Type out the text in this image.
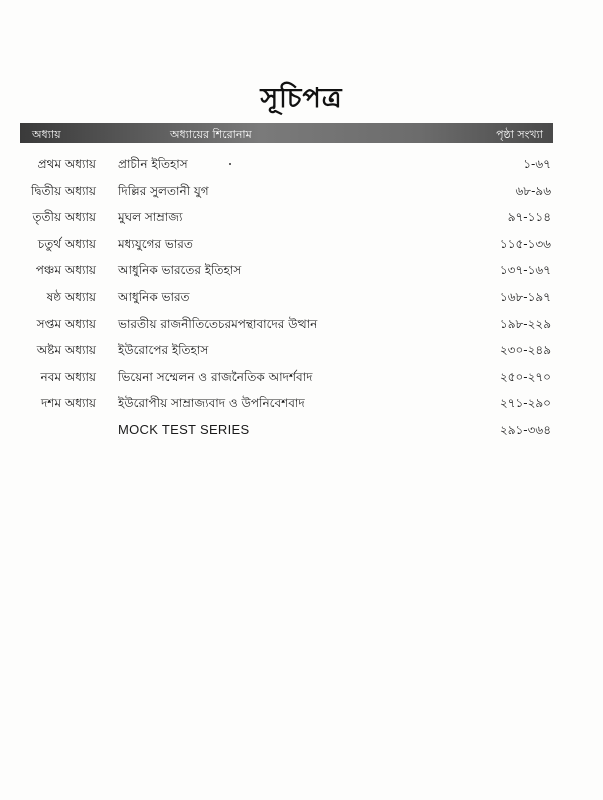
সূচিপত্র
অধ্যায়	অধ্যায়ের শিরোনাম	পৃষ্ঠা সংখ্যা
প্রথম অধ্যায় প্রাচীন ইতিহাস	১-৬৭
দ্বিতীয় অধ্যায় দিল্লির সুলতানী যুগ	৬৮-৯৬
তৃতীয় অধ্যায় মুঘল সাম্রাজ্য	৯৭-১১৪
চতুর্থ অধ্যায় মধ্যযুগের ভারত	১১৫-১৩৬
পঞ্চম অধ্যায় আধুনিক ভারতের ইতিহাস	১৩৭-১৬৭
ষষ্ঠ অধ্যায় আধুনিক ভারত	১৬৮-১৯৭
সপ্তম অধ্যায় ভারতীয় রাজনীতিতেচরমপন্থাবাদের উত্থান	১৯৮-২২৯
অষ্টম অধ্যায় ইউরোপের ইতিহাস	২৩০-২৪৯
নবম অধ্যায় ভিয়েনা সম্মেলন ও রাজনৈতিক আদর্শবাদ	২৫০-২৭০
দশম অধ্যায় ইউরোপীয় সাম্রাজ্যবাদ ও উপনিবেশবাদ	২৭১-২৯০
MOCK TEST SERIES	২৯১-৩৬৪
